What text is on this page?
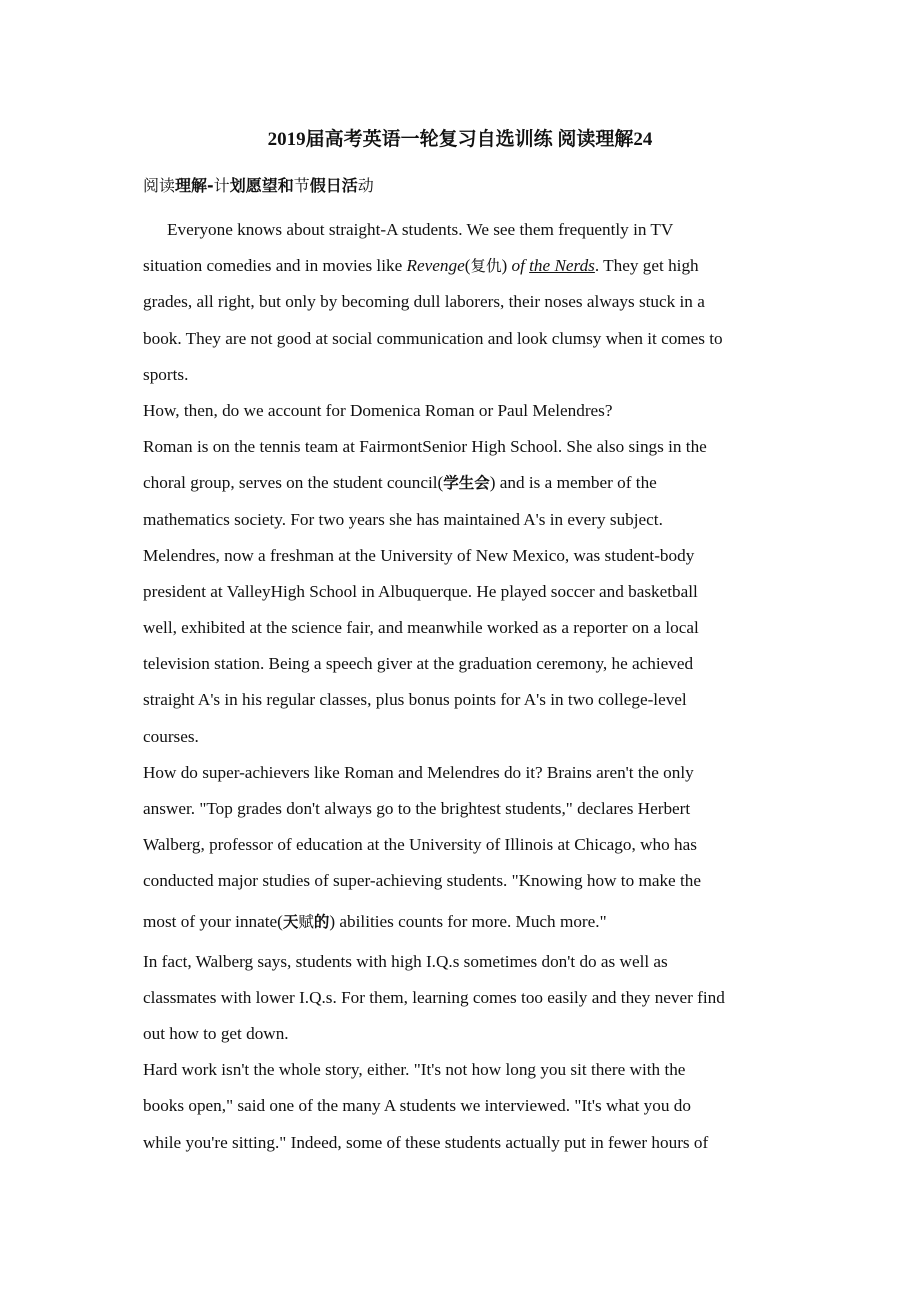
2019届高考英语一轮复习自选训练 阅读理解24
阅读理解-计划愿望和节假日活动
Everyone knows about straight-A students. We see them frequently in TV
situation comedies and in movies like Revenge(复仇) of the Nerds. They get high
grades, all right, but only by becoming dull laborers, their noses always stuck in a
book. They are not good at social communication and look clumsy when it comes to
sports.
How, then, do we account for Domenica Roman or Paul Melendres?
Roman is on the tennis team at FairmontSenior High School. She also sings in the
choral group, serves on the student council(学生会) and is a member of the
mathematics society. For two years she has maintained A's in every subject.
Melendres, now a freshman at the University of New Mexico, was student-body
president at ValleyHigh School in Albuquerque. He played soccer and basketball
well, exhibited at the science fair, and meanwhile worked as a reporter on a local
television station. Being a speech giver at the graduation ceremony, he achieved
straight A's in his regular classes, plus bonus points for A's in two college-level
courses.
How do super-achievers like Roman and Melendres do it? Brains aren't the only
answer. "Top grades don't always go to the brightest students," declares Herbert
Walberg, professor of education at the University of Illinois at Chicago, who has
conducted major studies of super-achieving students. "Knowing how to make the
most of your innate(天赋的) abilities counts for more. Much more."
In fact, Walberg says, students with high I.Q.s sometimes don't do as well as
classmates with lower I.Q.s. For them, learning comes too easily and they never find
out how to get down.
Hard work isn't the whole story, either. "It's not how long you sit there with the
books open," said one of the many A students we interviewed. "It's what you do
while you're sitting." Indeed, some of these students actually put in fewer hours of
